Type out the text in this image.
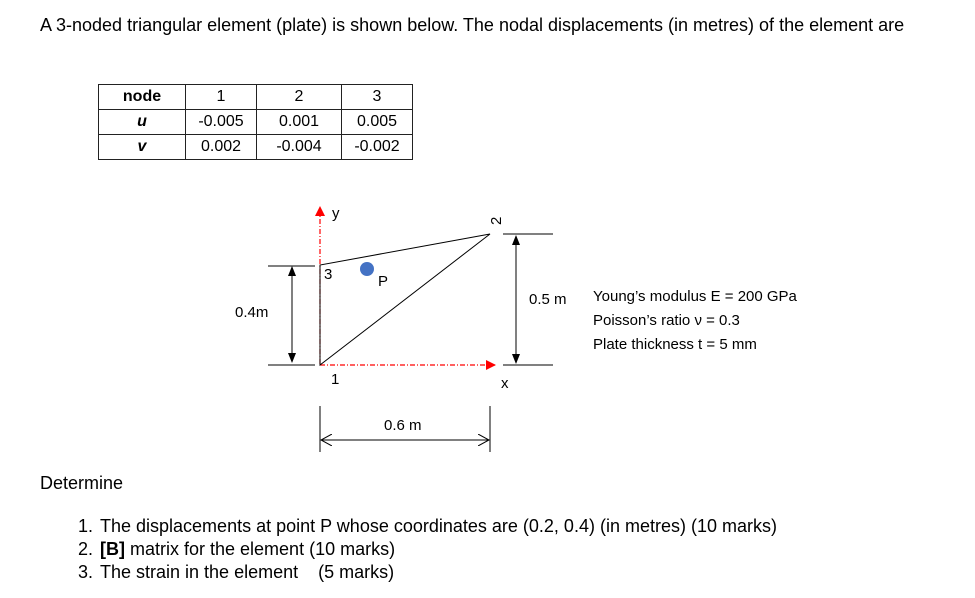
A 3-noded triangular element (plate) is shown below. The nodal displacements (in metres) of the element are
node	1	2	3
u	-0.005	0.001	0.005
v	0.002	-0.004	-0.002
y
x
1
2
3	P
0.4m
0.5 m
0.6 m
Young’s modulus E = 200 GPa
Poisson’s ratio ν = 0.3
Plate thickness t = 5 mm
Determine
1. The displacements at point P whose coordinates are (0.2, 0.4) (in metres) (10 marks)
2. [B] matrix for the element (10 marks)
3. The strain in the element    (5 marks)
